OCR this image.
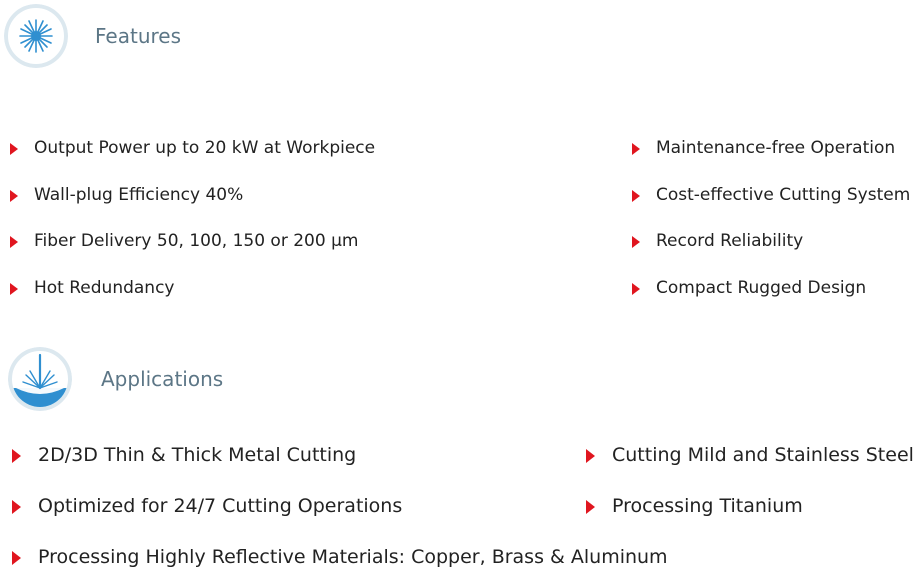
Features
Output Power up to 20 kW at Workpiece
Wall-plug Efficiency 40%
Fiber Delivery 50, 100, 150 or 200 µm
Hot Redundancy
Maintenance-free Operation
Cost-effective Cutting System
Record Reliability
Compact Rugged Design
Applications
2D/3D Thin & Thick Metal Cutting
Optimized for 24/7 Cutting Operations
Processing Highly Reflective Materials: Copper, Brass & Aluminum
Cutting Mild and Stainless Steel
Processing Titanium
